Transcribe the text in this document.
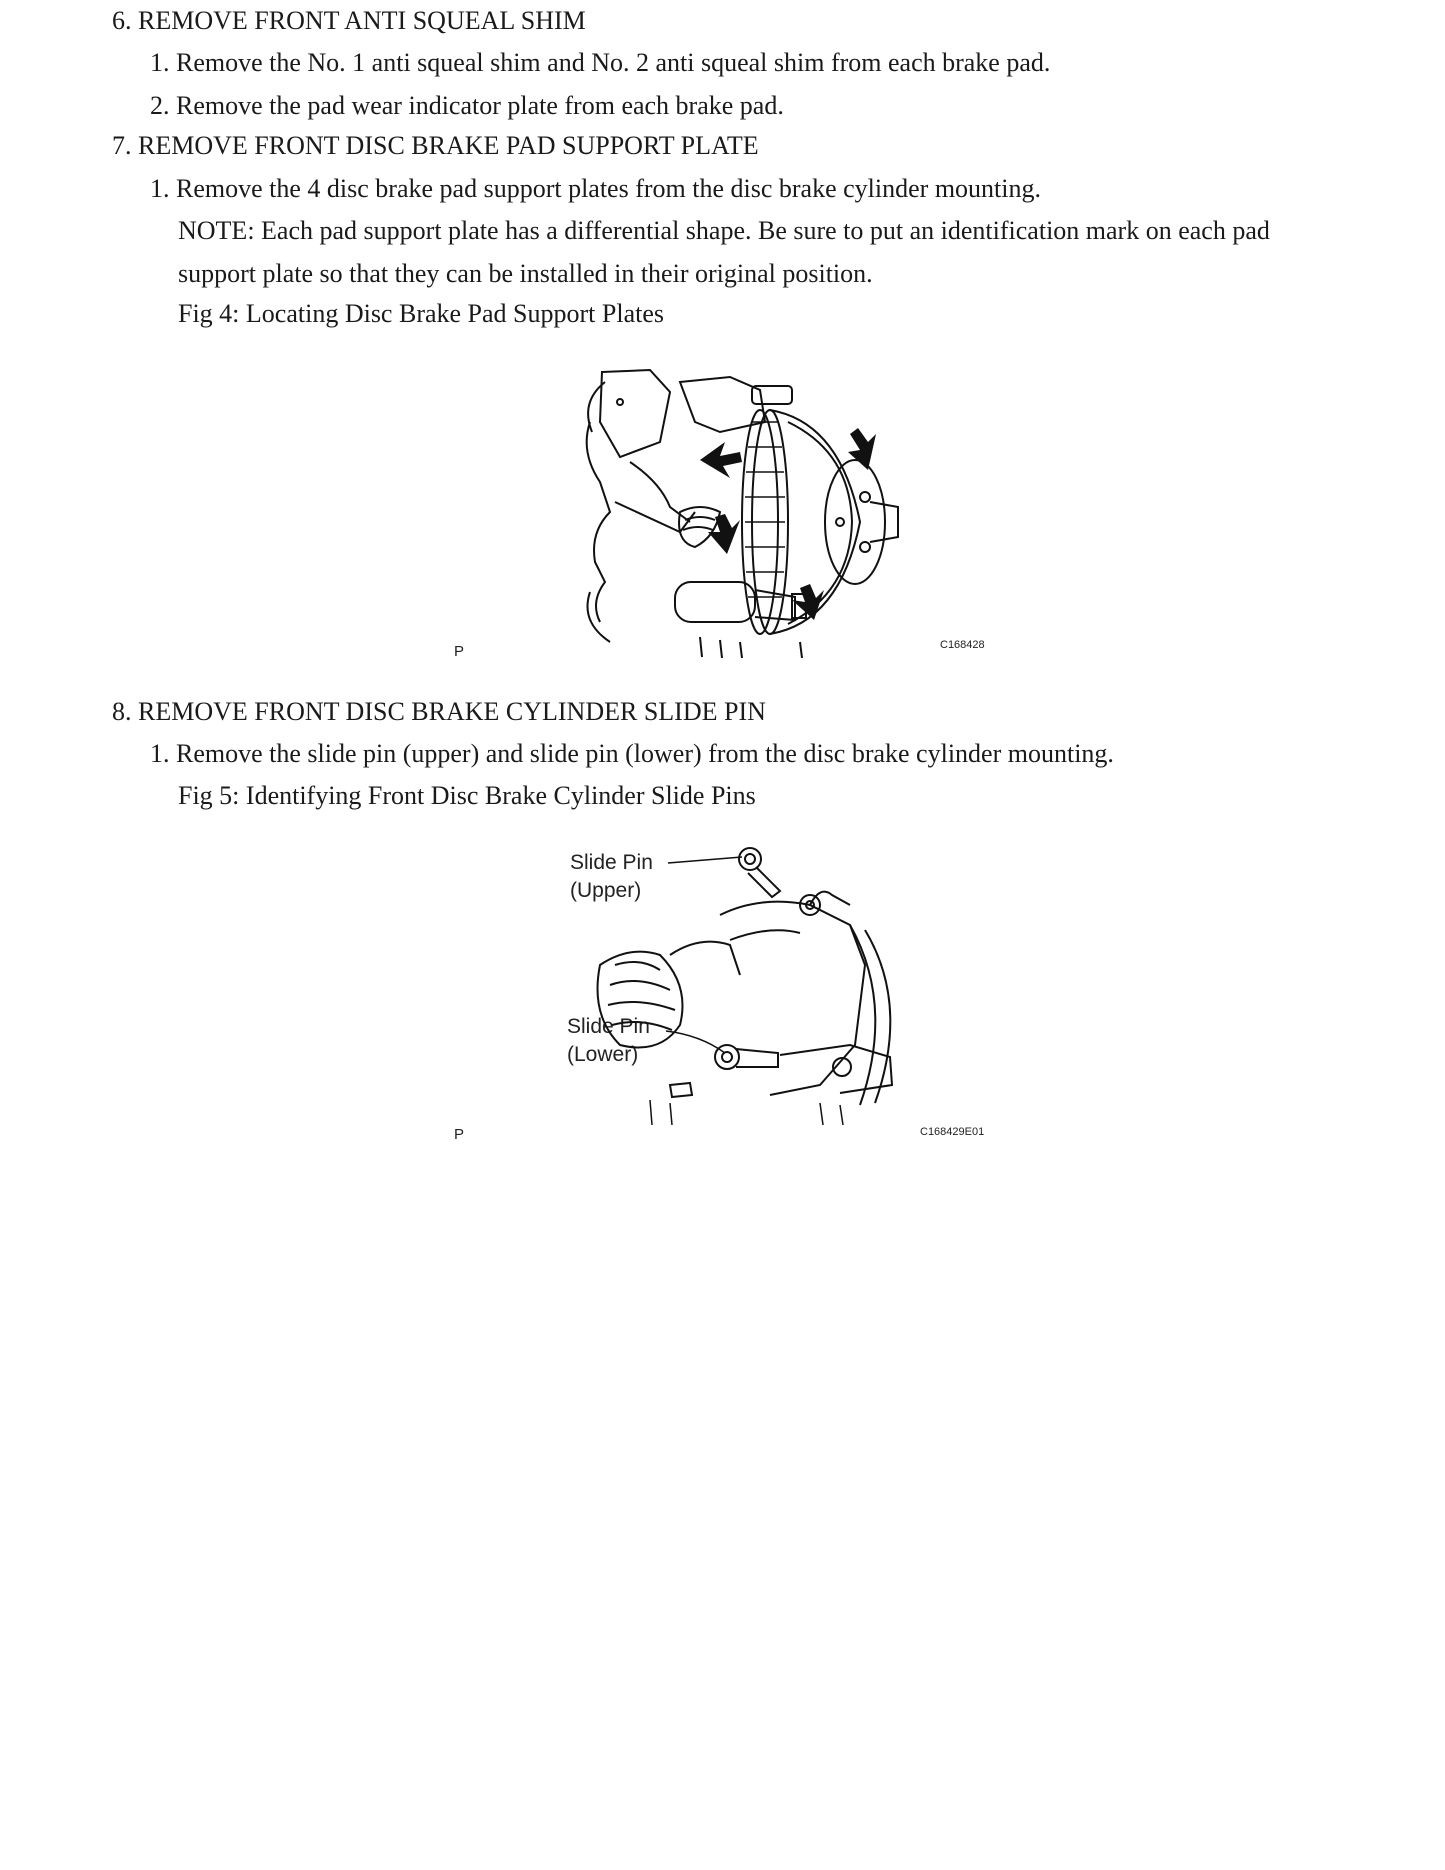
6. REMOVE FRONT ANTI SQUEAL SHIM
1. Remove the No. 1 anti squeal shim and No. 2 anti squeal shim from each brake pad.
2. Remove the pad wear indicator plate from each brake pad.
7. REMOVE FRONT DISC BRAKE PAD SUPPORT PLATE
1. Remove the 4 disc brake pad support plates from the disc brake cylinder mounting.
NOTE: Each pad support plate has a differential shape. Be sure to put an identification mark on each pad
support plate so that they can be installed in their original position.
Fig 4: Locating Disc Brake Pad Support Plates
P	C168428
8. REMOVE FRONT DISC BRAKE CYLINDER SLIDE PIN
1. Remove the slide pin (upper) and slide pin (lower) from the disc brake cylinder mounting.
Fig 5: Identifying Front Disc Brake Cylinder Slide Pins
Slide Pin
(Upper)
Slide Pin
(Lower)
P	C168429E01
